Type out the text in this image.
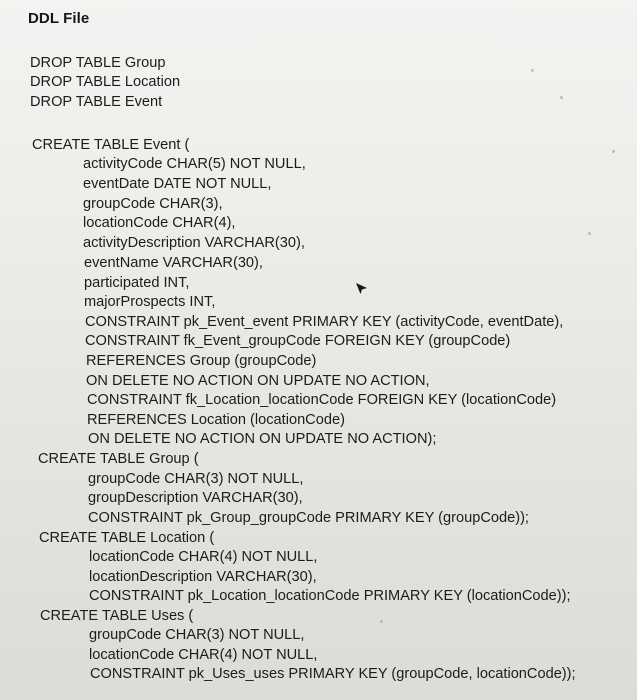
DDL File
DROP TABLE Group
DROP TABLE Location
DROP TABLE Event
CREATE TABLE Event (
activityCode CHAR(5) NOT NULL,
eventDate DATE NOT NULL,
groupCode CHAR(3),
locationCode CHAR(4),
activityDescription VARCHAR(30),
eventName VARCHAR(30),
participated INT,
majorProspects INT,
CONSTRAINT pk_Event_event PRIMARY KEY (activityCode, eventDate),
CONSTRAINT fk_Event_groupCode FOREIGN KEY (groupCode)
REFERENCES Group (groupCode)
ON DELETE NO ACTION ON UPDATE NO ACTION,
CONSTRAINT fk_Location_locationCode FOREIGN KEY (locationCode)
REFERENCES Location (locationCode)
ON DELETE NO ACTION ON UPDATE NO ACTION);
CREATE TABLE Group (
groupCode CHAR(3) NOT NULL,
groupDescription VARCHAR(30),
CONSTRAINT pk_Group_groupCode PRIMARY KEY (groupCode));
CREATE TABLE Location (
locationCode CHAR(4) NOT NULL,
locationDescription VARCHAR(30),
CONSTRAINT pk_Location_locationCode PRIMARY KEY (locationCode));
CREATE TABLE Uses (
groupCode CHAR(3) NOT NULL,
locationCode CHAR(4) NOT NULL,
CONSTRAINT pk_Uses_uses PRIMARY KEY (groupCode, locationCode));
